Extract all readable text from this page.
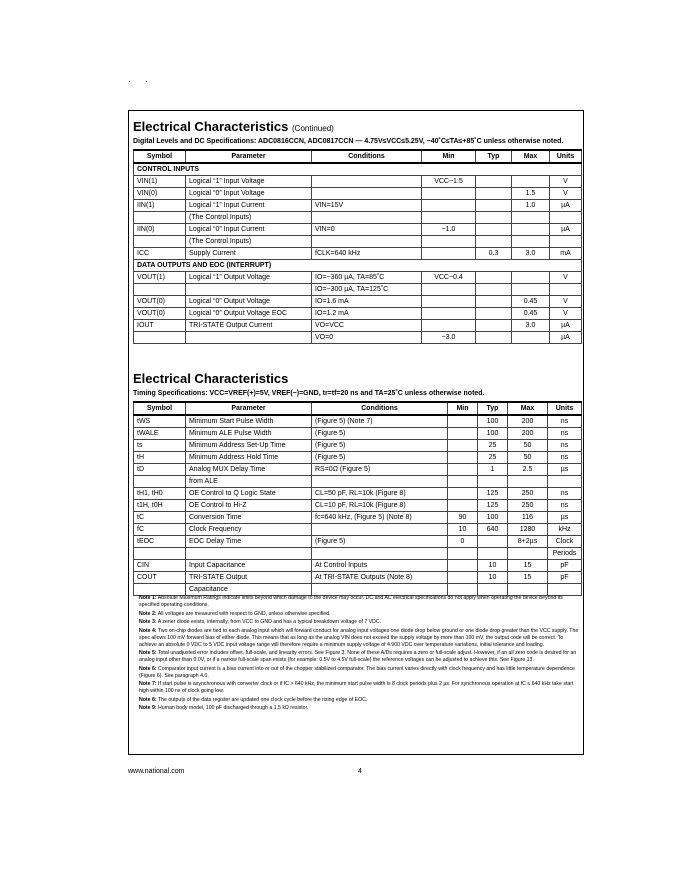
. .
Electrical Characteristics (Continued)
Digital Levels and DC Specifications: ADC0816CCN, ADC0817CCN — 4.75V≤VCC≤5.25V, −40˚C≤TA≤+85˚C unless otherwise noted.
Symbol	Parameter	Conditions	Min	Typ	Max	Units
CONTROL INPUTS						
VIN(1)	Logical “1” Input Voltage		VCC−1.5			V
VIN(0)	Logical “0” Input Voltage				1.5	V
IIN(1)	Logical “1” Input Current	VIN=15V			1.0	µA
	(The Control Inputs)					
IIN(0)	Logical “0” Input Current	VIN=0	−1.0			µA
	(The Control Inputs)					
ICC	Supply Current	fCLK=640 kHz		0.3	3.0	mA
DATA OUTPUTS AND EOC (INTERRUPT)						
VOUT(1)	Logical “1” Output Voltage	IO=−360 µA, TA=85˚C	VCC−0.4			V
		IO=−300 µA, TA=125˚C				
VOUT(0)	Logical “0” Output Voltage	IO=1.6 mA			0.45	V
VOUT(0)	Logical “0” Output Voltage EOC	IO=1.2 mA			0.45	V
IOUT	TRI-STATE Output Current	VO=VCC			3.0	µA
		VO=0	−3.0			µA
Electrical Characteristics
Timing Specifications: VCC=VREF(+)=5V, VREF(−)=GND, tr=tf=20 ns and TA=25˚C unless otherwise noted.
Symbol	Parameter	Conditions	Min	Typ	Max	Units
tWS	Minimum Start Pulse Width	(Figure 5) (Note 7)		100	200	ns
tWALE	Minimum ALE Pulse Width	(Figure 5)		100	200	ns
ts	Minimum Address Set-Up Time	(Figure 5)		25	50	ns
tH	Minimum Address Hold Time	(Figure 5)		25	50	ns
tD	Analog MUX Delay Time	RS=0Ω (Figure 5)		1	2.5	µs
	from ALE					
tH1, tH0	OE Control to Q Logic State	CL=50 pF, RL=10k (Figure 8)		125	250	ns
t1H, t0H	OE Control to Hi-Z	CL=10 pF, RL=10k (Figure 8)		125	250	ns
tC	Conversion Time	fc=640 kHz, (Figure 5) (Note 8)	90	100	116	µs
fC	Clock Frequency		10	640	1280	kHz
tEOC	EOC Delay Time	(Figure 5)	0		8+2µs	Clock
						Periods
CIN	Input Capacitance	At Control Inputs		10	15	pF
COUT	TRI-STATE Output	At TRI-STATE Outputs (Note 8)		10	15	pF
	Capacitance					

Note 1: Absolute Maximum Ratings indicate limits beyond which damage to the device may occur. DC and AC electrical specifications do not apply when operating the device beyond its specified operating conditions.

Note 2: All voltages are measured with respect to GND, unless otherwise specified.

Note 3: A zener diode exists, internally, from VCC to GND and has a typical breakdown voltage of 7 VDC.

Note 4: Two on-chip diodes are tied to each analog input which will forward conduct for analog input voltages one diode drop below ground or one diode drop greater than the VCC supply. The spec allows 100 mV forward bias of either diode. This means that as long as the analog VIN does not exceed the supply voltage by more than 100 mV, the output code will be correct. To achieve an absolute 0 VDC to 5 VDC input voltage range will therefore require a minimum supply voltage of 4.900 VDC over temperature variations, initial tolerance and loading.

Note 5: Total unadjusted error includes offset, full-scale, and linearity errors. See Figure 3. None of these A/Ds requires a zero or full-scale adjust. However, if an all zero code is desired for an analog input other than 0.0V, or if a narrow full-scale span exists (for example: 0.5V to 4.5V full-scale) the reference voltages can be adjusted to achieve this. See Figure 13.

Note 6: Comparator input current is a bias current into or out of the chopper stabilized comparator. The bias current varies directly with clock frequency and has little temperature dependence (Figure 6). See paragraph 4.0.

Note 7: If start pulse is asynchronous with converter clock or if fC > 640 kHz, the minimum start pulse width is 8 clock periods plus 2 µs. For synchronous operation at fC ≤ 640 kHz take start high within 100 ns of clock going low.

Note 8: The outputs of the data register are updated one clock cycle before the rising edge of EOC.

Note 9: Human body model, 100 pF discharged through a 1.5 kΩ resistor.

www.national.com	4
